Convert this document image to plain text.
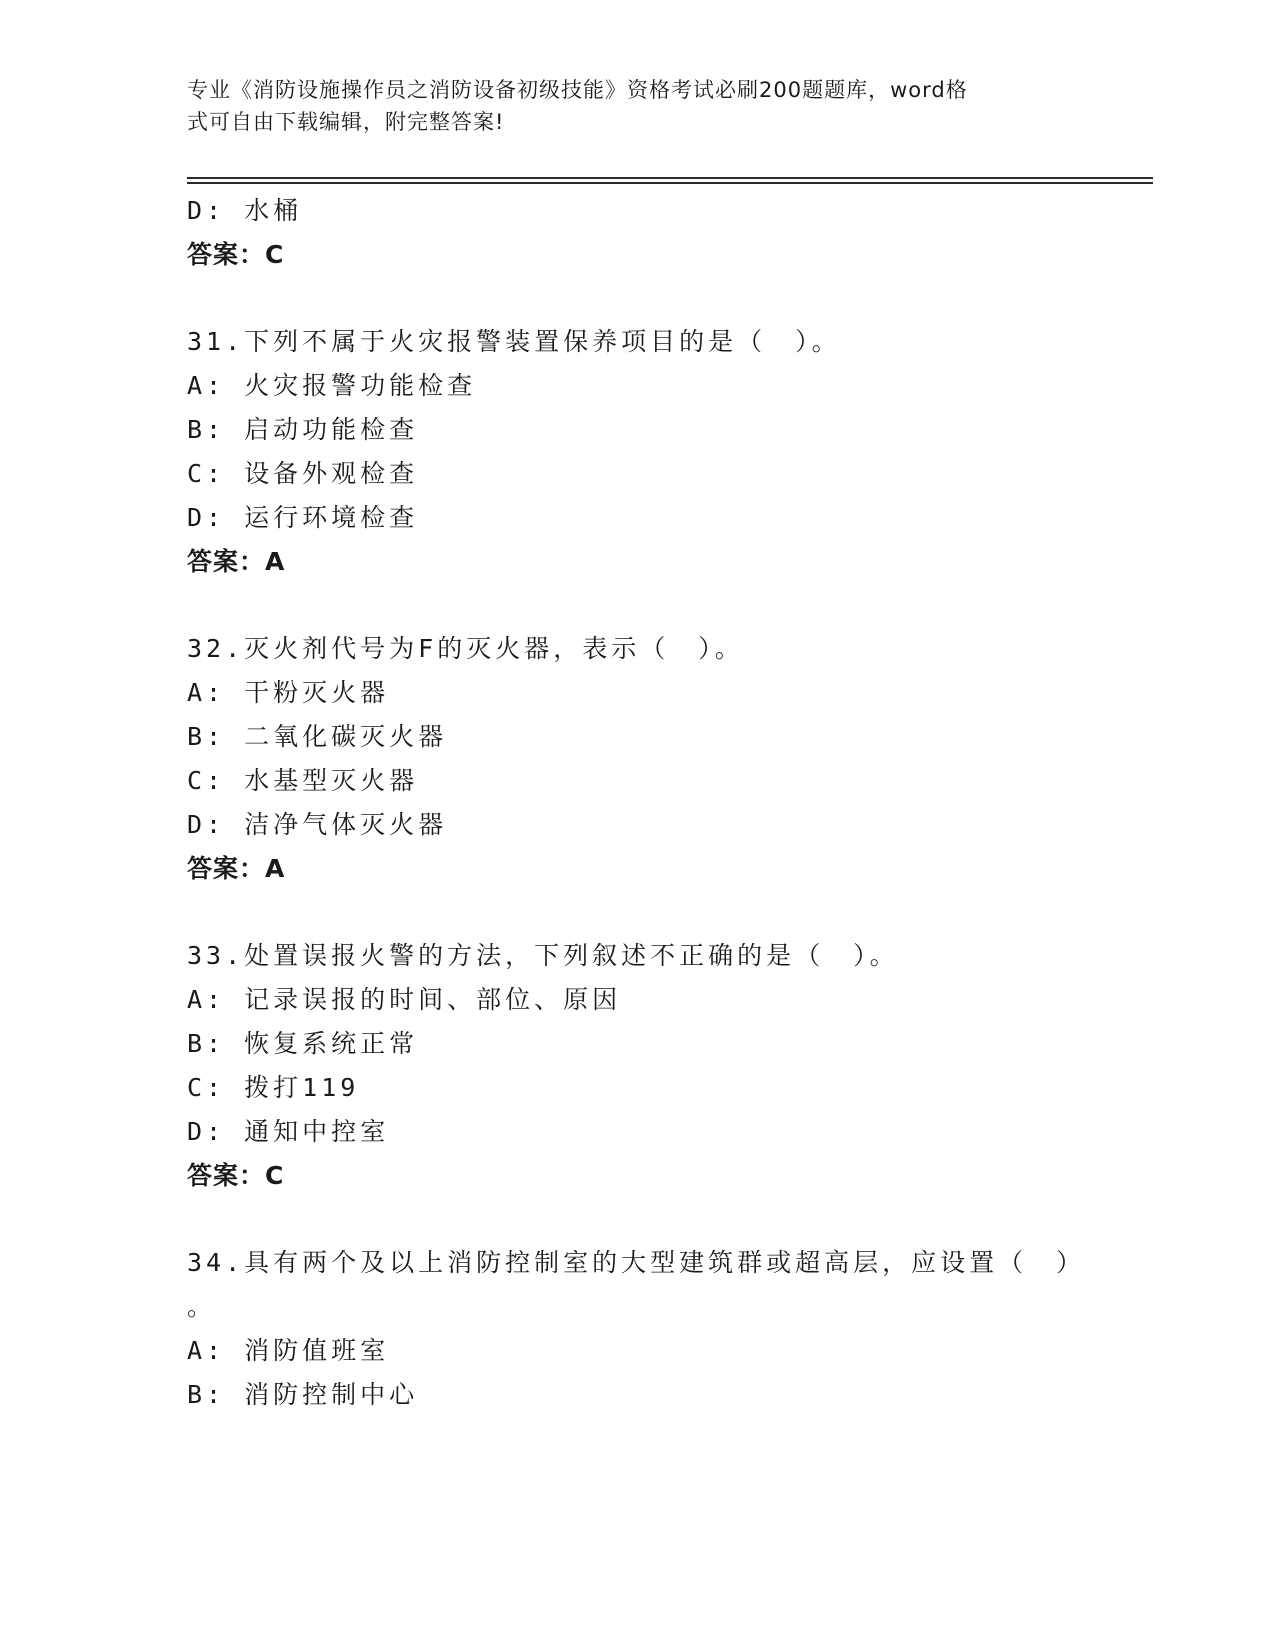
专业《消防设施操作员之消防设备初级技能》资格考试必刷200题题库，word格
式可自由下载编辑，附完整答案!
D: 水桶
答案：C
31.下列不属于火灾报警装置保养项目的是（　）。
A: 火灾报警功能检查
B: 启动功能检查
C: 设备外观检查
D: 运行环境检查
答案：A
32.灭火剂代号为F的灭火器，表示（　）。
A: 干粉灭火器
B: 二氧化碳灭火器
C: 水基型灭火器
D: 洁净气体灭火器
答案：A
33.处置误报火警的方法，下列叙述不正确的是（　）。
A: 记录误报的时间、部位、原因
B: 恢复系统正常
C: 拨打119
D: 通知中控室
答案：C
34.具有两个及以上消防控制室的大型建筑群或超高层，应设置（　）
。
A: 消防值班室
B: 消防控制中心
